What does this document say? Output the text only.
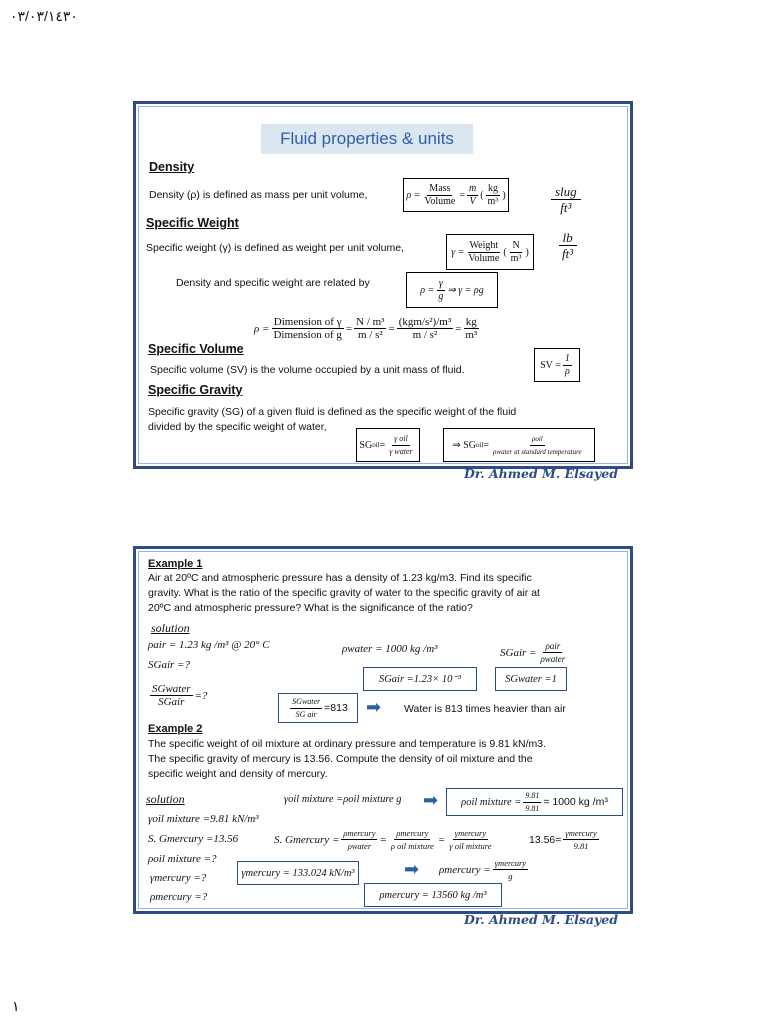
٠٣/٠٣/١٤٣٠
Fluid properties & units
Density
Density (ρ) is defined as mass per unit volume,	$\rho = \frac{\text{Mass}}{\text{Volume}} = \frac{m}{V}$ ( $\frac{kg}{\text{m³}}$ )	slug
ft³
Specific Weight
Specific weight (γ) is defined as weight per unit volume,	$\gamma = \frac{\text{Weight}}{\text{Volume}}$ ( $\frac{N}{\text{m³}}$ ) $\frac{lb}{\text{ft³}}$
Density and specific weight are related by
$\rho = \frac{\gamma}{g}$ ⇒ γ = ρg
$\rho = \frac{\text{Dimension of γ}}{\text{Dimension of g}} = \frac{\text{N / m³}}{\text{m / s²}} = \frac{\text{(kgm/s²)/m³}}{\text{m / s²}} = \frac{kg}{\text{m³}}$
Specific Volume
Specific volume (SV) is the volume occupied by a unit mass of fluid.	SV = $\frac{1}{\rho}$
Specific Gravity
Specific gravity (SG) of a given fluid is defined as the specific weight of the fluid
divided by the specific weight of water,
SG oil = $\frac{\text{γ oil}}{\text{γ water}}$	⇒ SG oil = $\frac{\text{ρoil}}{\text{ρwater at standard temperature}}$
Dr. Ahmed M. Elsayed
Example 1
Air at 20ºC and atmospheric pressure has a density of 1.23 kg/m3. Find its specific
gravity. What is the ratio of the specific gravity of water to the specific gravity of air at
20ºC and atmospheric pressure? What is the significance of the ratio?
solution
ρair = 1.23 kg /m³ @ 20° C
SGair =?
$\frac{\text{SGwater}}{\text{SGair}}$ =?
ρwater = 1000 kg /m³	SGair = $\frac{\text{ρair}}{\text{ρwater}}$
SGair =1.23× 10⁻³	SGwater =1
$\frac{\text{SGwater}}{\text{SG air}} =813$ ➡ Water is 813 times heavier than air
Example 2
The specific weight of oil mixture at ordinary pressure and temperature is 9.81 kN/m3.
The specific gravity of mercury is 13.56. Compute the density of oil mixture and the
specific weight and density of mercury.
solution	γoil mixture =ρoil mixture g ➡ ρoil mixture = $\frac{9.81}{9.81} = 1000$ kg /m³
γoil mixture =9.81 kN/m³
S. Gmercury =13.56	S. Gmercury = $\frac{\text{ρmercury}}{\text{ρwater}} = \frac{\text{ρmercury}}{\text{ρ oil mixture}} = \frac{\text{γmercury}}{\text{γ oil mixture}}$	$13.56= \frac{\text{γmercury}}{9.81}$
ρoil mixture =?
γmercury =?
ρmercury =?
γmercury = 133.024 kN/m³	➡ ρmercury = $\frac{\text{γmercury}}{g}$
ρmercury = 13560 kg /m³
Dr. Ahmed M. Elsayed
١
